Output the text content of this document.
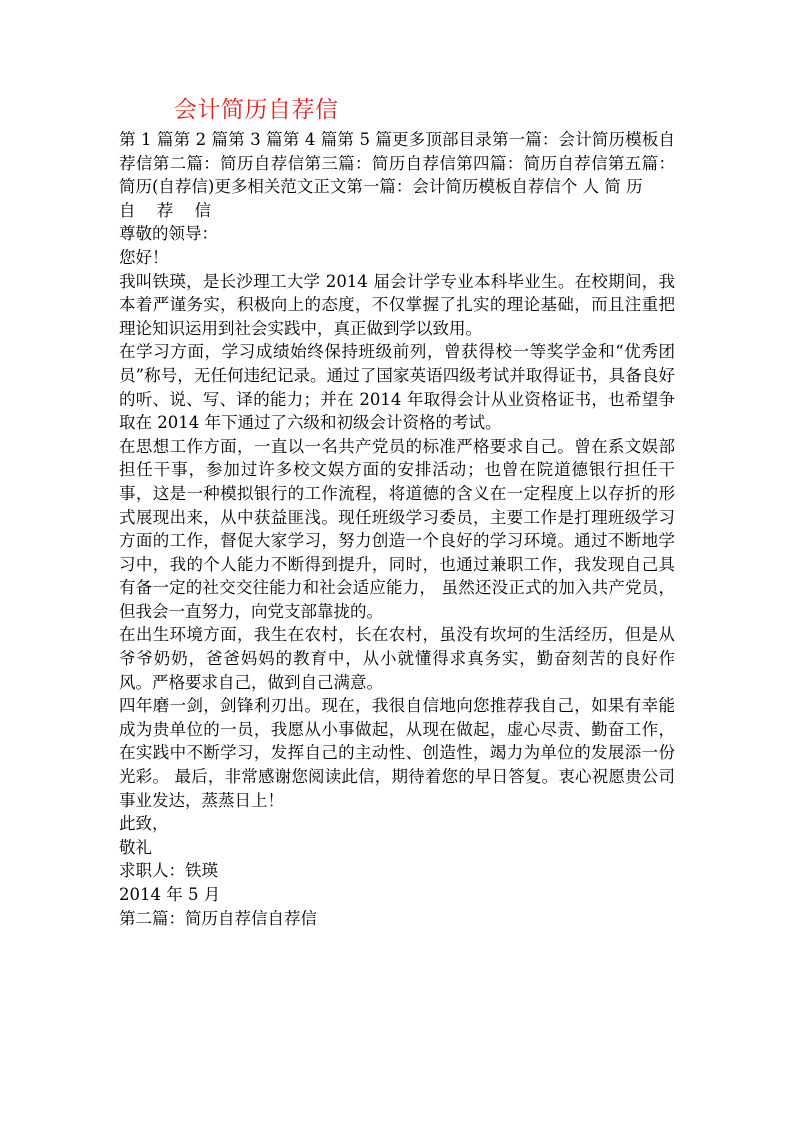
会计简历自荐信

第 1 篇第 2 篇第 3 篇第 4 篇第 5 篇更多顶部目录第一篇：会计简历模板自荐信第二篇：简历自荐信第三篇：简历自荐信第四篇：简历自荐信第五篇：简历(自荐信)更多相关范文正文第一篇：会计简历模板自荐信个 人 简 历

自 荐 信

尊敬的领导：

您好！

我叫铁瑛，是长沙理工大学 2014 届会计学专业本科毕业生。在校期间，我本着严谨务实，积极向上的态度，不仅掌握了扎实的理论基础，而且注重把理论知识运用到社会实践中，真正做到学以致用。

在学习方面，学习成绩始终保持班级前列，曾获得校一等奖学金和“优秀团员”称号，无任何违纪记录。通过了国家英语四级考试并取得证书，具备良好的听、说、写、译的能力；并在 2014 年取得会计从业资格证书，也希望争取在 2014 年下通过了六级和初级会计资格的考试。

在思想工作方面，一直以一名共产党员的标准严格要求自己。曾在系文娱部担任干事，参加过许多校文娱方面的安排活动；也曾在院道德银行担任干事，这是一种模拟银行的工作流程，将道德的含义在一定程度上以存折的形式展现出来，从中获益匪浅。现任班级学习委员，主要工作是打理班级学习方面的工作，督促大家学习，努力创造一个良好的学习环境。通过不断地学习中，我的个人能力不断得到提升，同时，也通过兼职工作，我发现自己具有备一定的社交交往能力和社会适应能力， 虽然还没正式的加入共产党员，但我会一直努力，向党支部靠拢的。

在出生环境方面，我生在农村，长在农村，虽没有坎坷的生活经历，但是从爷爷奶奶，爸爸妈妈的教育中，从小就懂得求真务实，勤奋刻苦的良好作风。严格要求自己，做到自己满意。

四年磨一剑，剑锋利刃出。现在，我很自信地向您推荐我自己，如果有幸能成为贵单位的一员，我愿从小事做起，从现在做起，虚心尽责、勤奋工作，在实践中不断学习，发挥自己的主动性、创造性，竭力为单位的发展添一份光彩。 最后，非常感谢您阅读此信，期待着您的早日答复。衷心祝愿贵公司事业发达，蒸蒸日上！

此致，

敬礼

求职人：铁瑛

2014 年 5 月

第二篇：简历自荐信自荐信
